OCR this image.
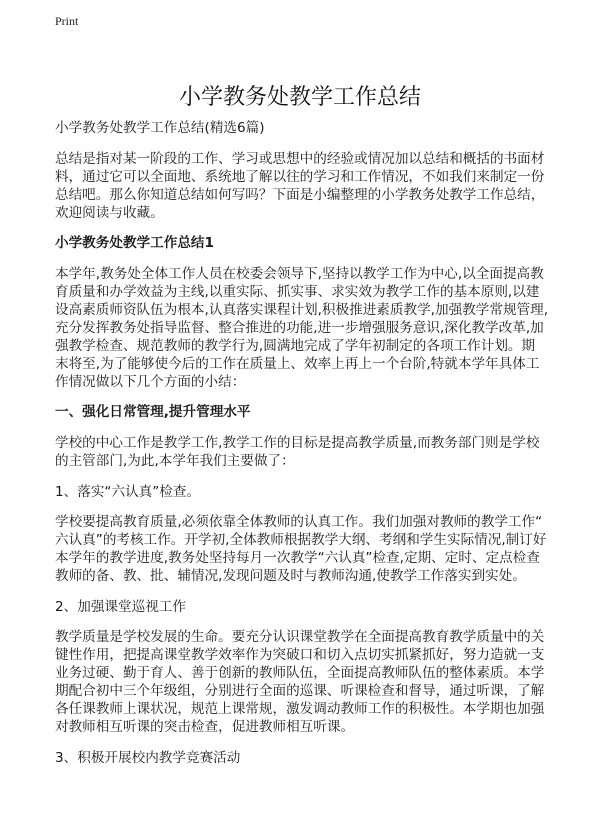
Print
小学教务处教学工作总结
小学教务处教学工作总结(精选6篇)
总结是指对某一阶段的工作、学习或思想中的经验或情况加以总结和概括的书面材
料，通过它可以全面地、系统地了解以往的学习和工作情况，不如我们来制定一份
总结吧。那么你知道总结如何写吗？下面是小编整理的小学教务处教学工作总结，
欢迎阅读与收藏。
小学教务处教学工作总结1
本学年,教务处全体工作人员在校委会领导下,坚持以教学工作为中心,以全面提高教
育质量和办学效益为主线,以重实际、抓实事、求实效为教学工作的基本原则,以建
设高素质师资队伍为根本,认真落实课程计划,积极推进素质教学,加强教学常规管理,
充分发挥教务处指导监督、整合推进的功能,进一步增强服务意识,深化教学改革,加
强教学检查、规范教师的教学行为,圆满地完成了学年初制定的各项工作计划。期
末将至,为了能够使今后的工作在质量上、效率上再上一个台阶,特就本学年具体工
作情况做以下几个方面的小结：
一、强化日常管理,提升管理水平
学校的中心工作是教学工作,教学工作的目标是提高教学质量,而教务部门则是学校
的主管部门,为此,本学年我们主要做了：
1、落实“六认真”检查。
学校要提高教育质量,必须依靠全体教师的认真工作。我们加强对教师的教学工作“
六认真”的考核工作。开学初,全体教师根据教学大纲、考纲和学生实际情况,制订好
本学年的教学进度,教务处坚持每月一次教学“六认真”检查,定期、定时、定点检查
教师的备、教、批、辅情况,发现问题及时与教师沟通,使教学工作落实到实处。
2、加强课堂巡视工作
教学质量是学校发展的生命。要充分认识课堂教学在全面提高教育教学质量中的关
键性作用，把提高课堂教学效率作为突破口和切入点切实抓紧抓好，努力造就一支
业务过硬、勤于育人、善于创新的教师队伍，全面提高教师队伍的整体素质。本学
期配合初中三个年级组，分别进行全面的巡课、听课检查和督导，通过听课，了解
各任课教师上课状况，规范上课常规，激发调动教师工作的积极性。本学期也加强
对教师相互听课的突击检查，促进教师相互听课。
3、积极开展校内教学竞赛活动
